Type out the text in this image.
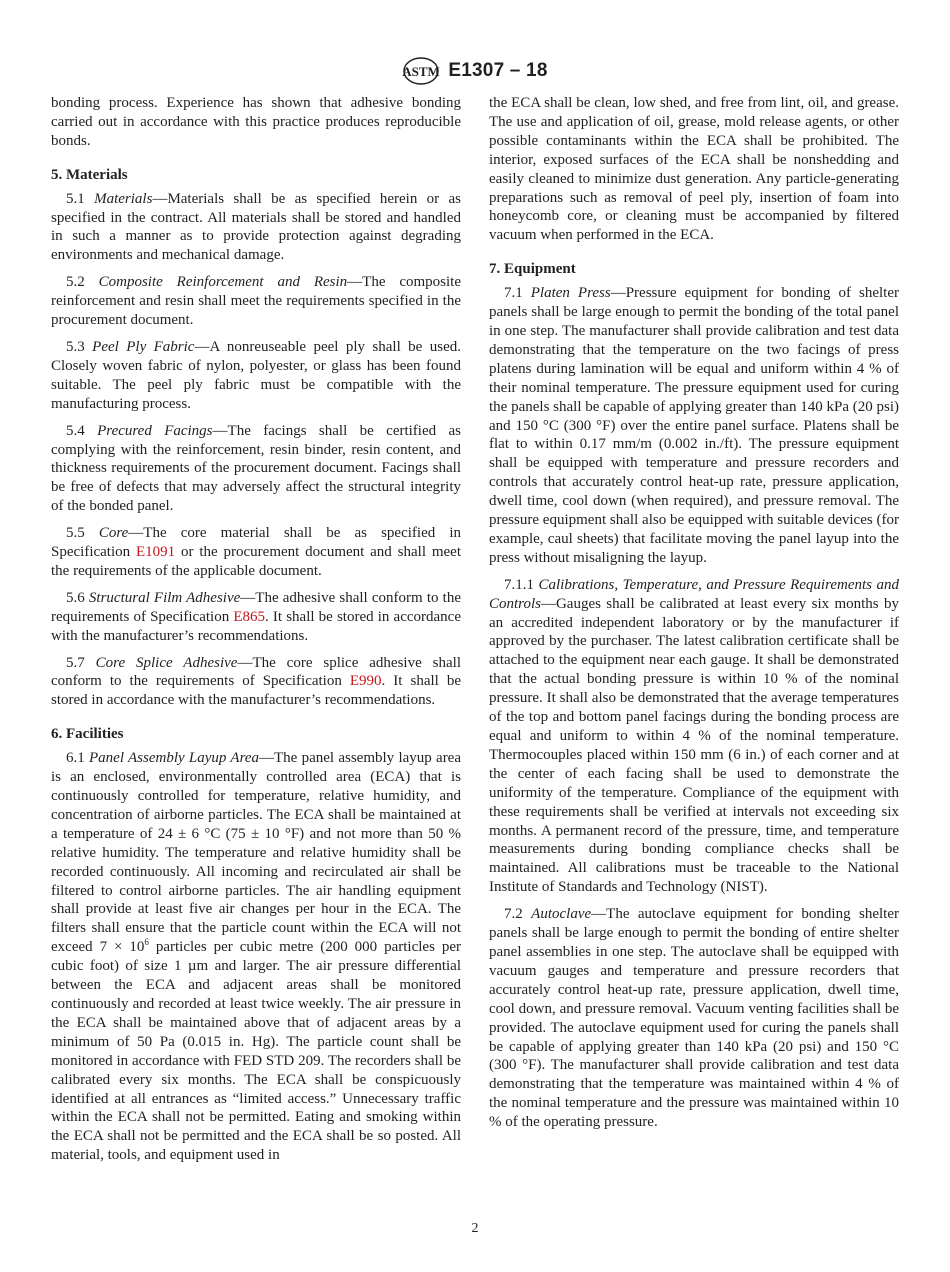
ASTM E1307 – 18

bonding process. Experience has shown that adhesive bonding carried out in accordance with this practice produces reproducible bonds.

5. Materials

5.1 Materials—Materials shall be as specified herein or as specified in the contract. All materials shall be stored and handled in such a manner as to provide protection against degrading environments and mechanical damage.

5.2 Composite Reinforcement and Resin—The composite reinforcement and resin shall meet the requirements specified in the procurement document.

5.3 Peel Ply Fabric—A nonreuseable peel ply shall be used. Closely woven fabric of nylon, polyester, or glass has been found suitable. The peel ply fabric must be compatible with the manufacturing process.

5.4 Precured Facings—The facings shall be certified as complying with the reinforcement, resin binder, resin content, and thickness requirements of the procurement document. Facings shall be free of defects that may adversely affect the structural integrity of the bonded panel.

5.5 Core—The core material shall be as specified in Specification E1091 or the procurement document and shall meet the requirements of the applicable document.

5.6 Structural Film Adhesive—The adhesive shall conform to the requirements of Specification E865. It shall be stored in accordance with the manufacturer’s recommendations.

5.7 Core Splice Adhesive—The core splice adhesive shall conform to the requirements of Specification E990. It shall be stored in accordance with the manufacturer’s recommendations.

6. Facilities

6.1 Panel Assembly Layup Area—The panel assembly layup area is an enclosed, environmentally controlled area (ECA) that is continuously controlled for temperature, relative humidity, and concentration of airborne particles. The ECA shall be maintained at a temperature of 24 ± 6 °C (75 ± 10 °F) and not more than 50 % relative humidity. The temperature and relative humidity shall be recorded continuously. All incoming and recirculated air shall be filtered to control airborne particles. The air handling equipment shall provide at least five air changes per hour in the ECA. The filters shall ensure that the particle count within the ECA will not exceed $7 \times 10^6$ particles per cubic metre (200 000 particles per cubic foot) of size 1 µm and larger. The air pressure differential between the ECA and adjacent areas shall be monitored continuously and recorded at least twice weekly. The air pressure in the ECA shall be maintained above that of adjacent areas by a minimum of 50 Pa (0.015 in. Hg). The particle count shall be monitored in accordance with FED STD 209. The recorders shall be calibrated every six months. The ECA shall be conspicuously identified at all entrances as “limited access.” Unnecessary traffic within the ECA shall not be permitted. Eating and smoking within the ECA shall not be permitted and the ECA shall be so posted. All material, tools, and equipment used in

the ECA shall be clean, low shed, and free from lint, oil, and grease. The use and application of oil, grease, mold release agents, or other possible contaminants within the ECA shall be prohibited. The interior, exposed surfaces of the ECA shall be nonshedding and easily cleaned to minimize dust generation. Any particle-generating preparations such as removal of peel ply, insertion of foam into honeycomb core, or cleaning must be accompanied by filtered vacuum when performed in the ECA.

7. Equipment

7.1 Platen Press—Pressure equipment for bonding of shelter panels shall be large enough to permit the bonding of the total panel in one step. The manufacturer shall provide calibration and test data demonstrating that the temperature on the two facings of press platens during lamination will be equal and uniform within 4 % of their nominal temperature. The pressure equipment used for curing the panels shall be capable of applying greater than 140 kPa (20 psi) and 150 °C (300 °F) over the entire panel surface. Platens shall be flat to within 0.17 mm/m (0.002 in./ft). The pressure equipment shall be equipped with temperature and pressure recorders and controls that accurately control heat-up rate, pressure application, dwell time, cool down (when required), and pressure removal. The pressure equipment shall also be equipped with suitable devices (for example, caul sheets) that facilitate moving the panel layup into the press without misaligning the layup.

7.1.1 Calibrations, Temperature, and Pressure Requirements and Controls—Gauges shall be calibrated at least every six months by an accredited independent laboratory or by the manufacturer if approved by the purchaser. The latest calibration certificate shall be attached to the equipment near each gauge. It shall be demonstrated that the actual bonding pressure is within 10 % of the nominal pressure. It shall also be demonstrated that the average temperatures of the top and bottom panel facings during the bonding process are equal and uniform to within 4 % of the nominal temperature. Thermocouples placed within 150 mm (6 in.) of each corner and at the center of each facing shall be used to demonstrate the uniformity of the temperature. Compliance of the equipment with these requirements shall be verified at intervals not exceeding six months. A permanent record of the pressure, time, and temperature measurements during bonding compliance checks shall be maintained. All calibrations must be traceable to the National Institute of Standards and Technology (NIST).

7.2 Autoclave—The autoclave equipment for bonding shelter panels shall be large enough to permit the bonding of entire shelter panel assemblies in one step. The autoclave shall be equipped with vacuum gauges and temperature and pressure recorders that accurately control heat-up rate, pressure application, dwell time, cool down, and pressure removal. Vacuum venting facilities shall be provided. The autoclave equipment used for curing the panels shall be capable of applying greater than 140 kPa (20 psi) and 150 °C (300 °F). The manufacturer shall provide calibration and test data demonstrating that the temperature was maintained within 4 % of the nominal temperature and the pressure was maintained within 10 % of the operating pressure.

2
